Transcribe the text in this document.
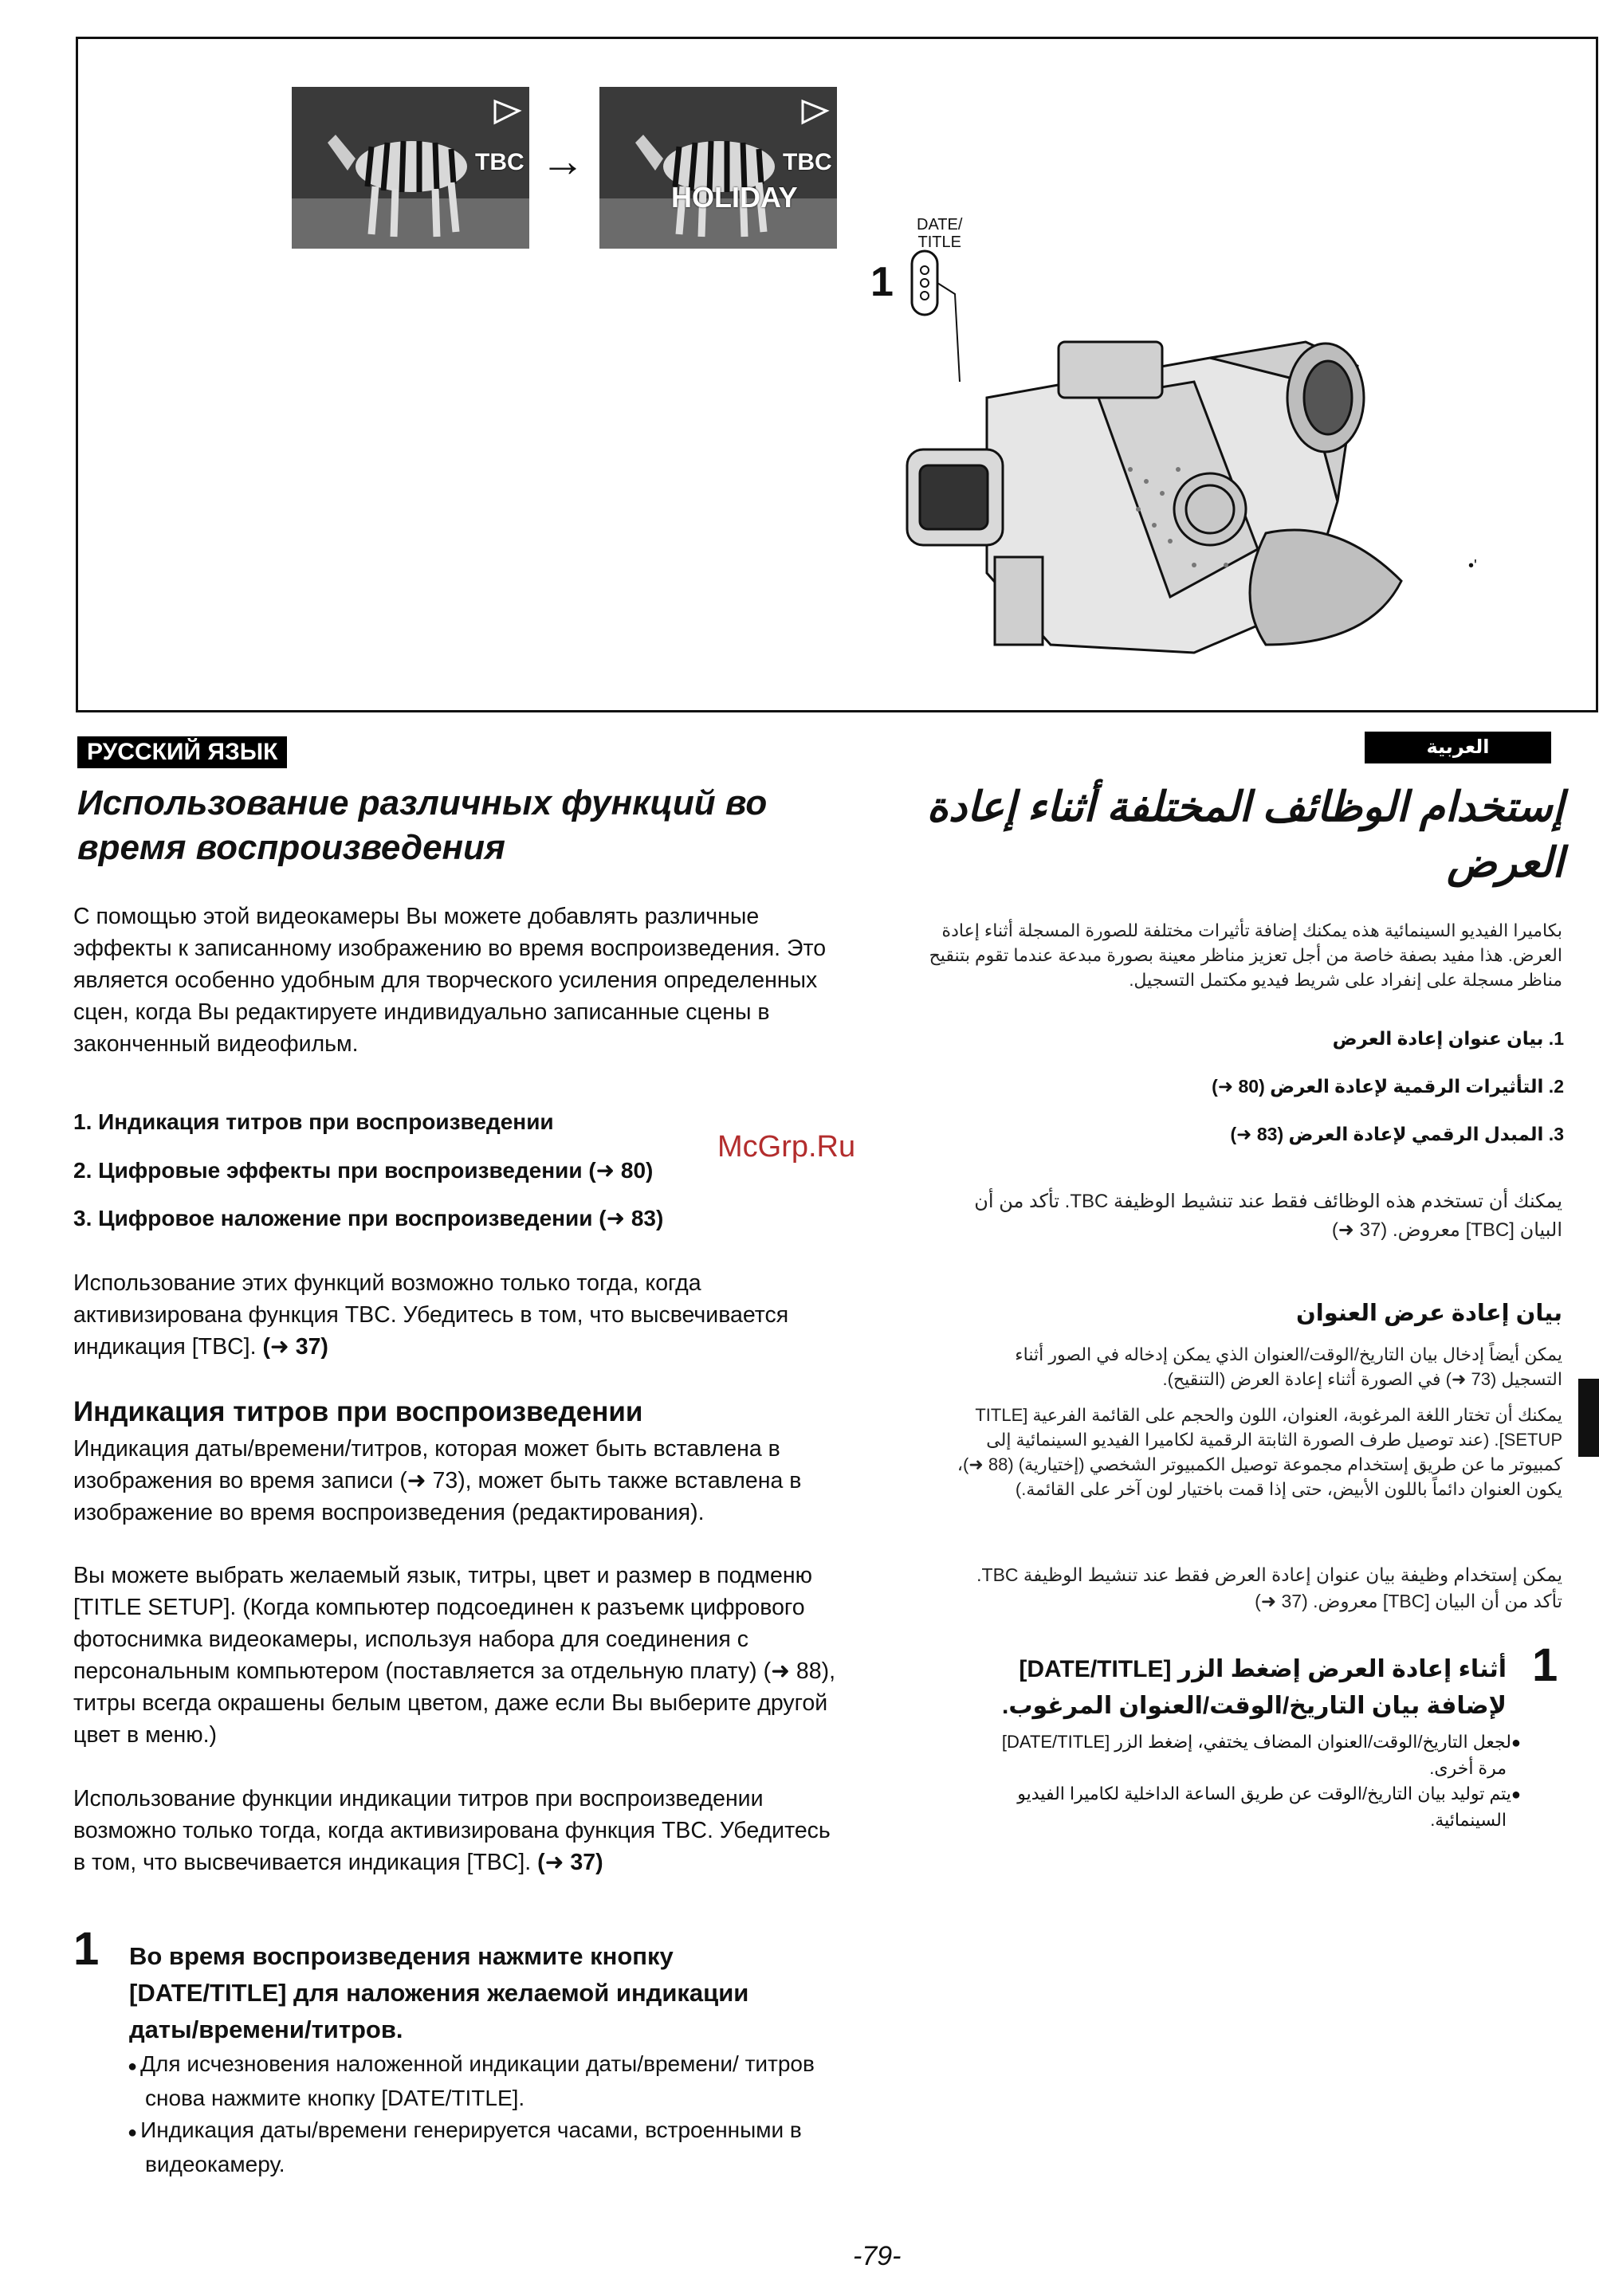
TBC →	TBC
HOLIDAY
DATE/
TITLE
1
•'
РУССКИЙ ЯЗЫК
Использование различных функций во время воспроизведения

С помощью этой видеокамеры Вы можете добавлять различные эффекты к записанному изображению во время воспроизведения. Это является особенно удобным для творческого усиления определенных сцен, когда Вы редактируете индивидуально записанные сцены в законченный видеофильм.

1. Индикация титров при воспроизведении
2. Цифровые эффекты при воспроизведении (➜ 80)
3. Цифровое наложение при воспроизведении (➜ 83)

Использование этих функций возможно только тогда, когда активизирована функция TBC. Убедитесь в том, что высвечивается индикация [TBC]. (➜ 37)

Индикация титров при воспроизведении

Индикация даты/времени/титров, которая может быть вставлена в изображения во время записи (➜ 73), может быть также вставлена в изображение во время воспроизведения (редактирования).

Вы можете выбрать желаемый язык, титры, цвет и размер в подменю [TITLE SETUP]. (Когда компьютер подсоединен к разъемк цифрового фотоснимка видеокамеры, используя набора для соединения с персональным компьютером (поставляется за отдельную плату) (➜ 88), титры всегда окрашены белым цветом, даже если Вы выберите другой цвет в меню.)

Использование функции индикации титров при воспроизведении возможно только тогда, когда активизирована функция TBC. Убедитесь в том, что высвечивается индикация [TBC]. (➜ 37)

1 Во время воспроизведения нажмите кнопку [DATE/TITLE] для наложения желаемой индикации даты/времени/титров.
● Для исчезновения наложенной индикации даты/времени/ титров снова нажмите кнопку [DATE/TITLE].
● Индикация даты/времени генерируется часами, встроенными в видеокамеру.
العربية
إستخدام الوظائف المختلفة أثناء إعادة العرض

بكاميرا الفيديو السينمائية هذه يمكنك إضافة تأثيرات مختلفة للصورة المسجلة أثناء إعادة العرض. هذا مفيد بصفة خاصة من أجل تعزيز مناظر معينة بصورة مبدعة عندما تقوم بتنقيح مناظر مسجلة على إنفراد على شريط فيديو مكتمل التسجيل.

1. بيان عنوان إعادة العرض
2. التأثيرات الرقمية لإعادة العرض (80 ➜)
3. المبدل الرقمي لإعادة العرض (83 ➜)

يمكنك أن تستخدم هذه الوظائف فقط عند تنشيط الوظيفة TBC. تأكد من أن البيان [TBC] معروض. (37 ➜)

بيان إعادة عرض العنوان

يمكن أيضاً إدخال بيان التاريخ/الوقت/العنوان الذي يمكن إدخاله في الصور أثناء التسجيل (73 ➜) في الصورة أثناء إعادة العرض (التنقيح).

يمكنك أن تختار اللغة المرغوبة، العنوان، اللون والحجم على القائمة الفرعية [TITLE SETUP]. (عند توصيل طرف الصورة الثابتة الرقمية لكاميرا الفيديو السينمائية إلى كمبيوتر ما عن طريق إستخدام مجموعة توصيل الكمبيوتر الشخصي (إختيارية) (88 ➜)، يكون العنوان دائماً باللون الأبيض، حتى إذا قمت باختيار لون آخر على القائمة.)

يمكن إستخدام وظيفة بيان عنوان إعادة العرض فقط عند تنشيط الوظيفة TBC. تأكد من أن البيان [TBC] معروض. (37 ➜)

1
أثناء إعادة العرض إضغط الزر [DATE/TITLE] لإضافة بيان التاريخ/الوقت/العنوان المرغوب.
● لجعل التاريخ/الوقت/العنوان المضاف يختفي، إضغط الزر [DATE/TITLE] مرة أخرى.
● يتم توليد بيان التاريخ/الوقت عن طريق الساعة الداخلية لكاميرا الفيديو السينمائية.
McGrp.Ru
-79-
